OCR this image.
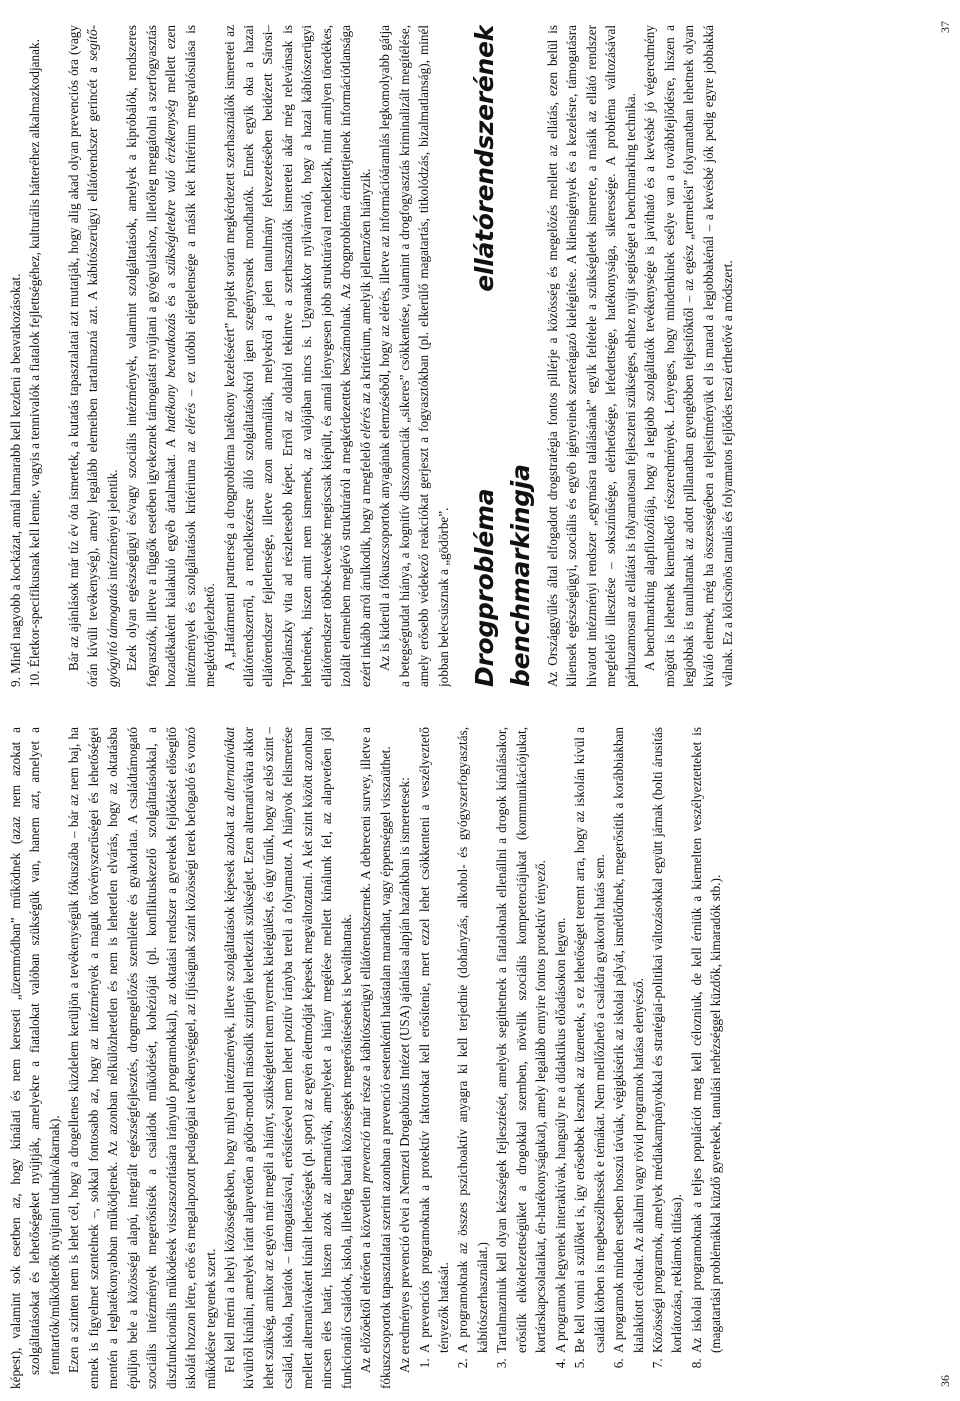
képest), valamint sok esetben az, hogy kínálati és nem kereseti „üzemmódban” működnek (azaz nem azokat a szolgáltatásokat és lehetőségeket nyújtják, amelyekre a fiatalokat valóban szükségük van, hanem azt, amelyet a fenntartók/működtetők nyújtani tudnak/akarnak). Ezen a szinten nem is lehet cél, hogy a drogellenes küzdelem kerüljön a tevékenységük fókuszába – bár az nem baj, ha ennek is figyelmet szentelnek –, sokkal fontosabb az, hogy az intézmények a maguk törvényszerűségei és lehetőségei mentén a leghatékonyabban működjenek. Az azonban nélkülözhetetlen és nem is lehetetlen elvárás, hogy az oktatásba épüljön bele a közösségi alapú, integrált egészségfejlesztés, drogmegelőzés szemlélete és gyakorlata. A családtámogató szociális intézmények megerősítsék a családok működését, kohézióját (pl. konfliktuskezelő szolgáltatásokkal, a diszfunkcionális működések visszaszorítására irányuló programokkal), az oktatási rendszer a gyerekek fejlődését elősegítő iskolát hozzon létre, erős és megalapozott pedagógiai tevékenységgel, az ifjúságnak szánt közösségi terek befogadó és vonzó működésre tegyenek szert. Fel kell mérni a helyi közösségekben, hogy milyen intézmények, illetve szolgáltatások képesek azokat az alternatívákat kívülről kínálni, amelyek iránt alapvetően a gödör-modell második szintjén keletkezik szükséglet. Ezen alternatívákra akkor lehet szükség, amikor az egyén már megéli a hiányt, szükségleteit nem nyernek kielégülést, és úgy tűnik, hogy az első szint – család, iskola, barátok – támogatásával, erősítésével nem lehet pozitív irányba tereli a folyamatot. A hiányok felismerése mellett alternatívaként kínált lehetőségek (pl. sport) az egyén életmódját képesek megváltoztatni. A két szint között azonban nincsen éles határ, hiszen azok az alternatívák, amelyeket a hiány megélése mellett kínálunk fel, az alapvetően jól funkcionáló családok, iskola, illetőleg baráti közösségek megerősítésének is beválthatnak. Az előzőektől eltérően a közvetlen prevenció már része a kábítószerügyi ellátórendszernek. A debreceni survey, illetve a fókuszcsoportok tapasztalatai szerint azonban a prevenció esetenkénti hatástalan maradhat, vagy éppenséggel visszaüthet. Az eredményes prevenció elvei a Nemzeti Drogabúzus Intézet (USA) ajánlása alapján hazánkban is ismeretesek: 1. A prevenciós programoknak a protektív faktorokat kell erősítenie, mert ezzel lehet csökkenteni a veszélyeztető tényezők hatását. 2. A programoknak az összes pszichoaktív anyagra ki kell terjednie (dohányzás, alkohol- és gyógyszerfogyasztás, kábítószerhasználat.) 3. Tartalmazniuk kell olyan készségek fejlesztését, amelyek segíthetnek a fiataloknak ellenállni a drogok kínálásakor, erősítik elkötelezettségüket a drogokkal szemben, növelik szociális kompetenciájukat (kommunikációjukat, kortárskapcsolataikat, én-hatékonyságukat), amely legalább ennyire fontos protektív tényező. 4. A programok legyenek interaktívak, hangsúly ne a didaktikus előadásokon legyen. 5. Be kell vonni a szülőket is, így erősebbek lesznek az üzenetek, s ez lehetőséget teremt arra, hogy az iskolán kívül a családi körben is megbeszélhessék e témákat. Nem mellőzhető a családra gyakorolt hatás sem. 6. A programok minden esetben hosszú távúak, végigkísérik az iskolai pályát, ismétlődnek, megerősítik a korábbiakban kialakított célokat. Az alkalmi vagy rövid programok hatása elenyésző. 7. Közösségi programok, amelyek médiakampányokkal és stratégiai-politikai változásokkal együtt járnak (bolti árusítás korlátozása, reklámok tiltása). 8. Az iskolai programoknak a teljes populációt meg kell célozniuk, de kell érniük a kiemelten veszélyeztetteket is (magatartási problémákkal küzdő gyerekek, tanulási nehézséggel küzdők, kimaradók stb.).

9. Minél nagyobb a kockázat, annál hamarabb kell kezdeni a beavatkozásokat.

10. Életkor-specifikusnak kell lennie, vagyis a tennivalók a fiatalok fejlettségéhez, kulturális hátteréhez alkalmazkodjanak. Bár az ajánlások már tíz év óta ismertek, a kutatás tapasztalatai azt mutatják, hogy alig akad olyan prevenciós óra (vagy órán kívüli tevékenység), amely legalább elemeiben tartalmazná azt. A kábítószerügyi ellátórendszer gerincét a segítő-gyógyító támogatás intézményei jelentik. Ezek olyan egészségügyi és/vagy szociális intézmények, valamint szolgáltatások, amelyek a kipróbálók, rendszeres fogyasztók, illetve a függők esetében igyekeznek támogatást nyújtani a gyógyuláshoz, illetőleg meggátolni a szerfogyasztás hozadékaként kialakuló egyéb ártalmakat. A hatékony beavatkozás és a szükségletekre való érzékenység mellett ezen intézmények és szolgáltatások kritériuma az elérés – ez utóbbi elégtelensége a másik két kritérium megvalósulása is megkérdőjelezhető. A „Határmenti partnerség a drogprobléma hatékony kezeléséért” projekt során megkérdezett szerhasználók ismeretei az ellátórendszerről, a rendelkezésre álló szolgáltatásokról igen szegényesnek mondhatók. Ennek egyik oka a hazai ellátórendszer fejletlensége, illetve azon anomáliák, melyekről a jelen tanulmány felvezetésében beidézett Sárosi–Topolánszky vita ad részletesebb képet. Erről az oldalról tekintve a szerhasználók ismeretei akár még relevánsak is lehetnének, hiszen amit nem ismernek, az valójában nincs is. Ugyanakkor nyilvánvaló, hogy a hazai kábítószerügyi ellátórendszer többé-kevésbé megíscsak kiépült, és annál lényegesen jobb struktúrával rendelkezik, mint amilyen töredékes, izolált elemeiben meglévő struktúráról a megkérdezettek beszámolnak. Az drogprobléma érintettjeinek információtlansága ezért inkább arról árulkodik, hogy a megfelelő elérés az a kritérium, amelyik jellemzően hiányzik. Az is kiderül a fókuszcsoportok anyagának elemzéséből, hogy az elérés, illetve az információáramlás legkomolyabb gátja a betegségtudat hiánya, a kognitív disszonanciák „sikeres” csökkentése, valamint a drogfogyasztás kriminalizált megítélése, amely erősebb védekező reakciókat gerjeszt a fogyasztókban (pl. elkerülő magatartás, titkolódzás, bizalmatlanság), minél jobban belecsúsznak a „gödörbe”. Drogprobléma ellátórendszerének benchmarkingja Az Országgyűlés által elfogadott drogstratégia fontos pillérje a közösség és megelőzés mellett az ellátás, ezen belül is kliensek egészségügyi, szociális és egyéb igényeinek szerteágazó kielégítése. A kliensigények és a kezelésre, támogatásra hivatott intézményi rendszer „egymásra találásának” egyik feltétele a szükségletek ismerete, a másik az ellátó rendszer megfelelő illesztése – sokszínűsége, elérhetősége, lefedettsége, hatékonysága, sikeressége. A probléma változásával párhuzamosan az ellátást is folyamatosan fejleszteni szükséges, ehhez nyújt segítséget a benchmarking technika. A benchmarking alapfilozófiája, hogy a legjobb szolgáltatók tevékenysége is javítható és a kevésbé jó végeredmény mögött is lehetnek kiemelkedő részeredmények. Lényeges, hogy mindenkinek esélye van a továbbfejlődésre, hiszen a legjobbak is tanulhatnak az adott pillanatban gyengébben teljesítőktől – az egész „termelési” folyamatban lehetnek olyan kiváló elemek, még ha összességében a teljesítményük el is marad a legjobbakénál – a kevésbé jók pedig egyre jobbakká válnak. Ez a kölcsönös tanulás és folyamatos fejlődés teszi érthetővé a módszert.

36
37
